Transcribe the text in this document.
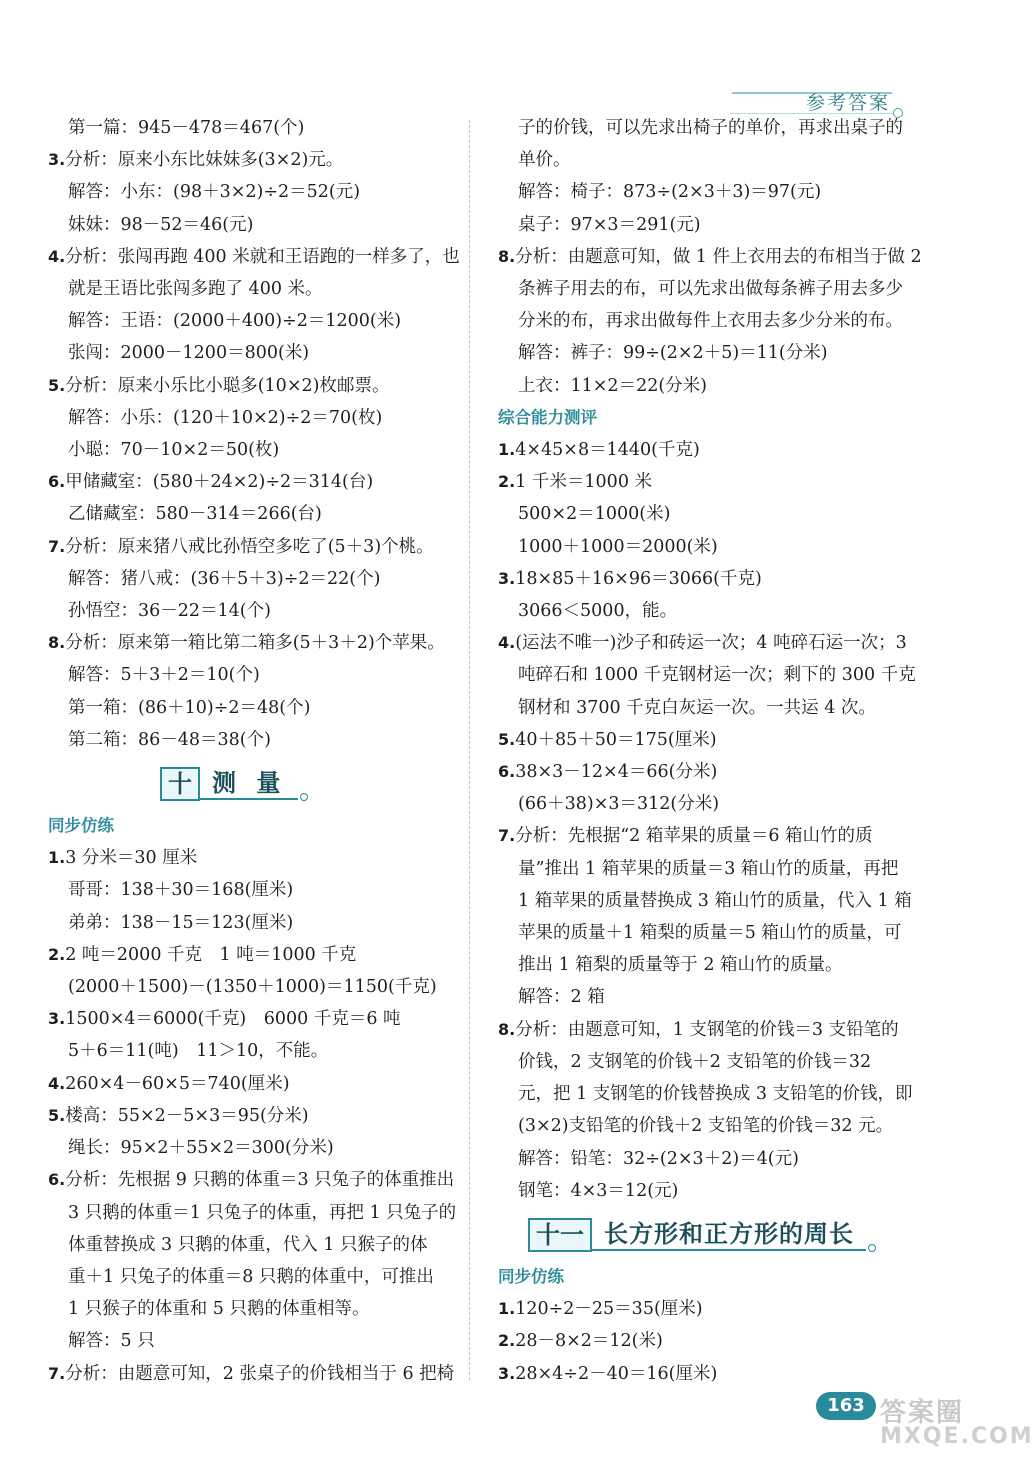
参考答案
第一篇：945－478＝467(个)
3.分析：原来小东比妹妹多(3×2)元。
解答：小东：(98＋3×2)÷2＝52(元)
妹妹：98－52＝46(元)
4.分析：张闯再跑 400 米就和王语跑的一样多了，也
就是王语比张闯多跑了 400 米。
解答：王语：(2000＋400)÷2＝1200(米)
张闯：2000－1200＝800(米)
5.分析：原来小乐比小聪多(10×2)枚邮票。
解答：小乐：(120＋10×2)÷2＝70(枚)
小聪：70－10×2＝50(枚)
6.甲储藏室：(580＋24×2)÷2＝314(台)
乙储藏室：580－314＝266(台)
7.分析：原来猪八戒比孙悟空多吃了(5＋3)个桃。
解答：猪八戒：(36＋5＋3)÷2＝22(个)
孙悟空：36－22＝14(个)
8.分析：原来第一箱比第二箱多(5＋3＋2)个苹果。
解答：5＋3＋2＝10(个)
第一箱：(86＋10)÷2＝48(个)
第二箱：86－48＝38(个)
十 测 量
同步仿练
1.3 分米＝30 厘米
哥哥：138＋30＝168(厘米)
弟弟：138－15＝123(厘米)
2.2 吨＝2000 千克　1 吨＝1000 千克
(2000＋1500)－(1350＋1000)＝1150(千克)
3.1500×4＝6000(千克)　6000 千克＝6 吨
5＋6＝11(吨)　11＞10，不能。
4.260×4－60×5＝740(厘米)
5.楼高：55×2－5×3＝95(分米)
绳长：95×2＋55×2＝300(分米)
6.分析：先根据 9 只鹅的体重＝3 只兔子的体重推出
3 只鹅的体重＝1 只兔子的体重，再把 1 只兔子的
体重替换成 3 只鹅的体重，代入 1 只猴子的体
重＋1 只兔子的体重＝8 只鹅的体重中，可推出
1 只猴子的体重和 5 只鹅的体重相等。
解答：5 只
7.分析：由题意可知，2 张桌子的价钱相当于 6 把椅
子的价钱，可以先求出椅子的单价，再求出桌子的
单价。
解答：椅子：873÷(2×3＋3)＝97(元)
桌子：97×3＝291(元)
8.分析：由题意可知，做 1 件上衣用去的布相当于做 2
条裤子用去的布，可以先求出做每条裤子用去多少
分米的布，再求出做每件上衣用去多少分米的布。
解答：裤子：99÷(2×2＋5)＝11(分米)
上衣：11×2＝22(分米)
综合能力测评
1.4×45×8＝1440(千克)
2.1 千米＝1000 米
500×2＝1000(米)
1000＋1000＝2000(米)
3.18×85＋16×96＝3066(千克)
3066＜5000，能。
4.(运法不唯一)沙子和砖运一次；4 吨碎石运一次；3
吨碎石和 1000 千克钢材运一次；剩下的 300 千克
钢材和 3700 千克白灰运一次。一共运 4 次。
5.40＋85＋50＝175(厘米)
6.38×3－12×4＝66(分米)
(66＋38)×3＝312(分米)
7.分析：先根据“2 箱苹果的质量＝6 箱山竹的质
量”推出 1 箱苹果的质量＝3 箱山竹的质量，再把
1 箱苹果的质量替换成 3 箱山竹的质量，代入 1 箱
苹果的质量＋1 箱梨的质量＝5 箱山竹的质量，可
推出 1 箱梨的质量等于 2 箱山竹的质量。
解答：2 箱
8.分析：由题意可知，1 支钢笔的价钱＝3 支铅笔的
价钱，2 支钢笔的价钱＋2 支铅笔的价钱＝32
元，把 1 支钢笔的价钱替换成 3 支铅笔的价钱，即
(3×2)支铅笔的价钱＋2 支铅笔的价钱＝32 元。
解答：铅笔：32÷(2×3＋2)＝4(元)
钢笔：4×3＝12(元)
十一 长方形和正方形的周长
同步仿练
1.120÷2－25＝35(厘米)
2.28－8×2＝12(米)
3.28×4÷2－40＝16(厘米)
163 答案圈
MXQE.COM
